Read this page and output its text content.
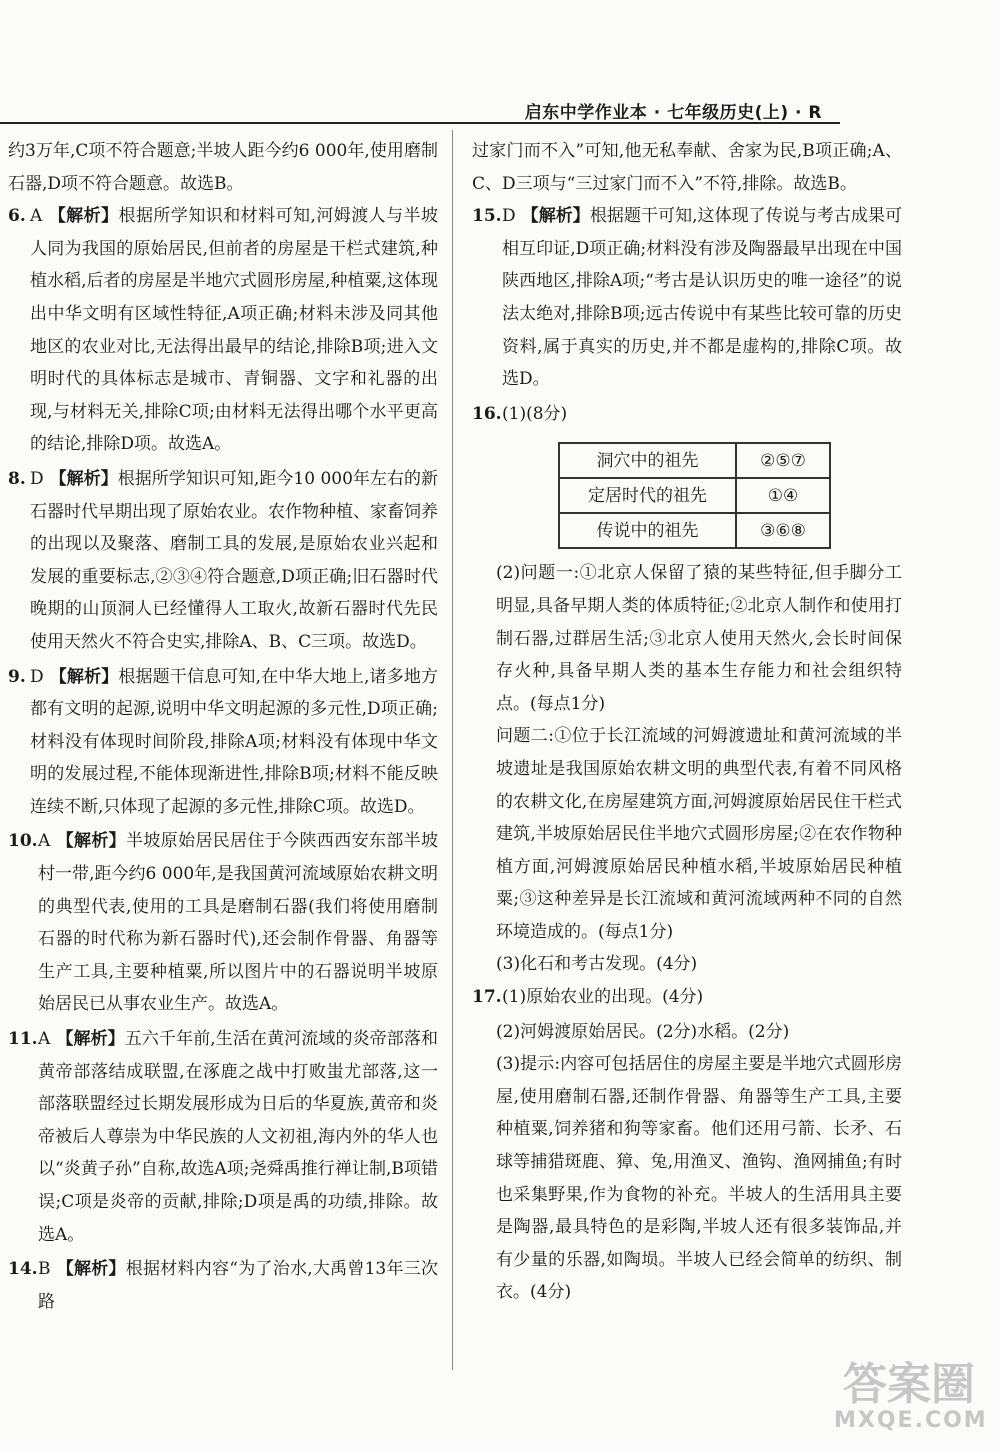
启东中学作业本 · 七年级历史(上) · R

约3万年,C项不符合题意;半坡人距今约6 000年,使用磨制石器,D项不符合题意。故选B。

6. A 【解析】根据所学知识和材料可知,河姆渡人与半坡人同为我国的原始居民,但前者的房屋是干栏式建筑,种植水稻,后者的房屋是半地穴式圆形房屋,种植粟,这体现出中华文明有区域性特征,A项正确;材料未涉及同其他地区的农业对比,无法得出最早的结论,排除B项;进入文明时代的具体标志是城市、青铜器、文字和礼器的出现,与材料无关,排除C项;由材料无法得出哪个水平更高的结论,排除D项。故选A。
8. D 【解析】根据所学知识可知,距今10 000年左右的新石器时代早期出现了原始农业。农作物种植、家畜饲养的出现以及聚落、磨制工具的发展,是原始农业兴起和发展的重要标志,②③④符合题意,D项正确;旧石器时代晚期的山顶洞人已经懂得人工取火,故新石器时代先民使用天然火不符合史实,排除A、B、C三项。故选D。
9. D 【解析】根据题干信息可知,在中华大地上,诸多地方都有文明的起源,说明中华文明起源的多元性,D项正确;材料没有体现时间阶段,排除A项;材料没有体现中华文明的发展过程,不能体现渐进性,排除B项;材料不能反映连续不断,只体现了起源的多元性,排除C项。故选D。
10. A 【解析】半坡原始居民居住于今陕西西安东部半坡村一带,距今约6 000年,是我国黄河流域原始农耕文明的典型代表,使用的工具是磨制石器(我们将使用磨制石器的时代称为新石器时代),还会制作骨器、角器等生产工具,主要种植粟,所以图片中的石器说明半坡原始居民已从事农业生产。故选A。
11. A 【解析】五六千年前,生活在黄河流域的炎帝部落和黄帝部落结成联盟,在涿鹿之战中打败蚩尤部落,这一部落联盟经过长期发展形成为日后的华夏族,黄帝和炎帝被后人尊崇为中华民族的人文初祖,海内外的华人也以“炎黄子孙”自称,故选A项;尧舜禹推行禅让制,B项错误;C项是炎帝的贡献,排除;D项是禹的功绩,排除。故选A。
14. B 【解析】根据材料内容“为了治水,大禹曾13年三次路

过家门而不入”可知,他无私奉献、舍家为民,B项正确;A、C、D三项与“三过家门而不入”不符,排除。故选B。

15. D 【解析】根据题干可知,这体现了传说与考古成果可相互印证,D项正确;材料没有涉及陶器最早出现在中国陕西地区,排除A项;“考古是认识历史的唯一途径”的说法太绝对,排除B项;远古传说中有某些比较可靠的历史资料,属于真实的历史,并不都是虚构的,排除C项。故选D。
16. (1)(8分)
洞穴中的祖先	②⑤⑦
定居时代的祖先	①④
传说中的祖先	③⑥⑧

(2)问题一:①北京人保留了猿的某些特征,但手脚分工明显,具备早期人类的体质特征;②北京人制作和使用打制石器,过群居生活;③北京人使用天然火,会长时间保存火种,具备早期人类的基本生存能力和社会组织特点。(每点1分)

问题二:①位于长江流域的河姆渡遗址和黄河流域的半坡遗址是我国原始农耕文明的典型代表,有着不同风格的农耕文化,在房屋建筑方面,河姆渡原始居民住干栏式建筑,半坡原始居民住半地穴式圆形房屋;②在农作物种植方面,河姆渡原始居民种植水稻,半坡原始居民种植粟;③这种差异是长江流域和黄河流域两种不同的自然环境造成的。(每点1分)

(3)化石和考古发现。(4分)

17. (1)原始农业的出现。(4分)

(2)河姆渡原始居民。(2分)水稻。(2分)

(3)提示:内容可包括居住的房屋主要是半地穴式圆形房屋,使用磨制石器,还制作骨器、角器等生产工具,主要种植粟,饲养猪和狗等家畜。他们还用弓箭、长矛、石球等捕猎斑鹿、獐、兔,用渔叉、渔钩、渔网捕鱼;有时也采集野果,作为食物的补充。半坡人的生活用具主要是陶器,最具特色的是彩陶,半坡人还有很多装饰品,并有少量的乐器,如陶埙。半坡人已经会简单的纺织、制衣。(4分)

答案圈
MXQE.COM
